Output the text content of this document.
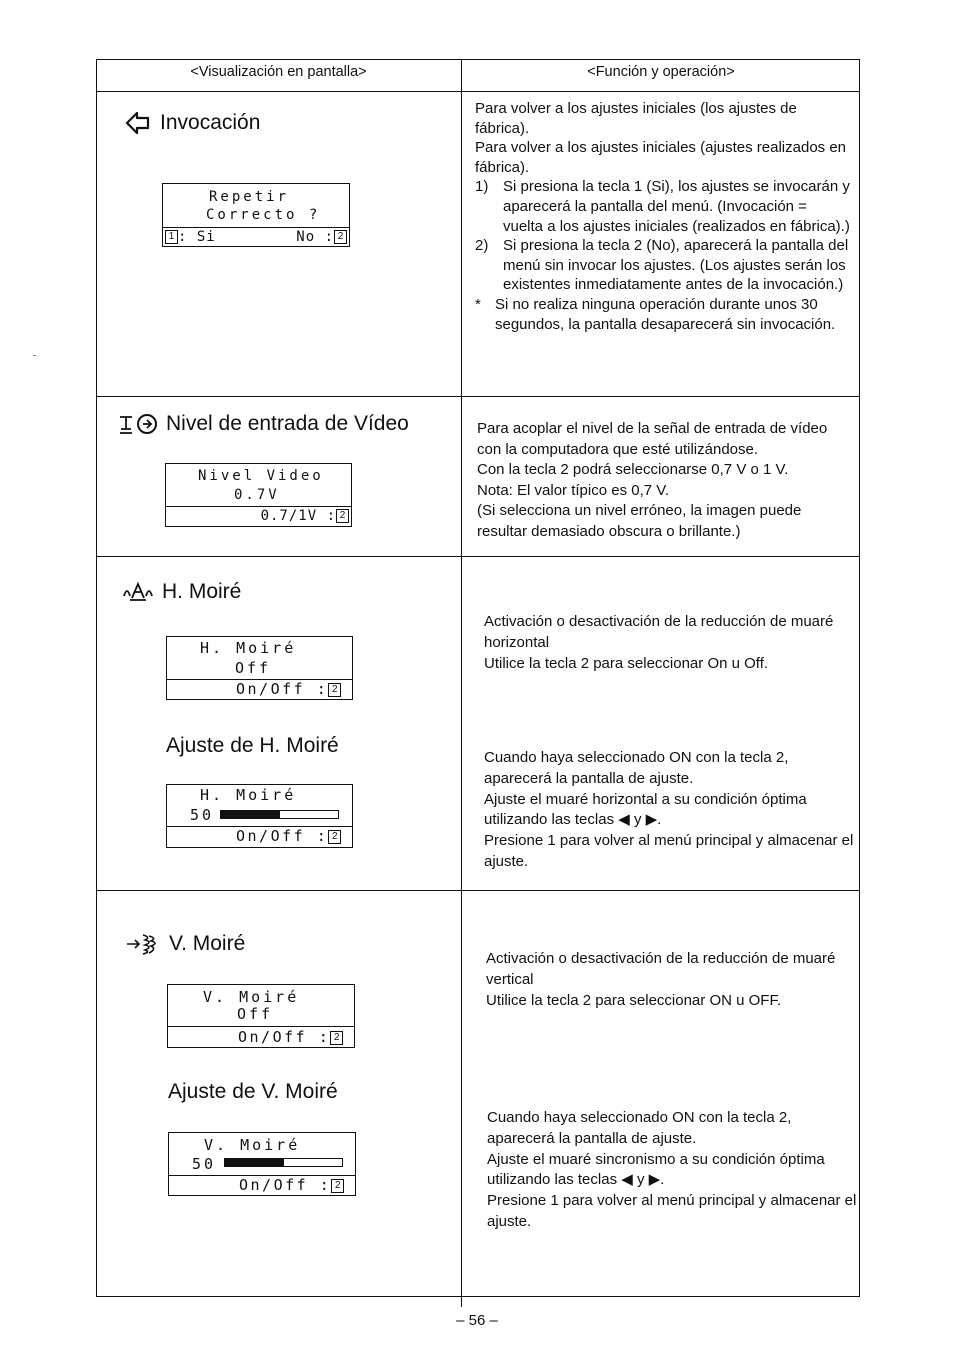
<Visualización en pantalla>	<Función y operación>
Invocación
Repetir
Correcto ?
1 : Si	No : 2

Para volver a los ajustes iniciales (los ajustes de fábrica).

Para volver a los ajustes iniciales (ajustes realizados en fábrica).

1) Si presiona la tecla 1 (Si), los ajustes se invocarán y aparecerá la pantalla del menú. (Invocación = vuelta a los ajustes iniciales (realizados en fábrica).)
2) Si presiona la tecla 2 (No), aparecerá la pantalla del menú sin invocar los ajustes. (Los ajustes serán los existentes inmediatamente antes de la invocación.)
* Si no realiza ninguna operación durante unos 30 segundos, la pantalla desaparecerá sin invocación.
Nivel de entrada de Vídeo
Nivel Video
0.7V
0.7/1V : 2

Para acoplar el nivel de la señal de entrada de vídeo con la computadora que esté utilizándose.

Con la tecla 2 podrá seleccionarse 0,7 V o 1 V.

Nota: El valor típico es 0,7 V.

(Si selecciona un nivel erróneo, la imagen puede resultar demasiado obscura o brillante.)

H. Moiré
H. Moiré
Off
On/Off : 2

Activación o desactivación de la reducción de muaré horizontal

Utilice la tecla 2 para seleccionar On u Off.

Ajuste de H. Moiré
H. Moiré
50
On/Off : 2

Cuando haya seleccionado ON con la tecla 2, aparecerá la pantalla de ajuste.

Ajuste el muaré horizontal a su condición óptima utilizando las teclas ◀ y ▶.

Presione 1 para volver al menú principal y almacenar el ajuste.

V. Moiré
V. Moiré
Off
On/Off : 2

Activación o desactivación de la reducción de muaré vertical

Utilice la tecla 2 para seleccionar ON u OFF.

Ajuste de V. Moiré
V. Moiré
50
On/Off : 2

Cuando haya seleccionado ON con la tecla 2, aparecerá la pantalla de ajuste.

Ajuste el muaré sincronismo a su condición óptima utilizando las teclas ◀ y ▶.

Presione 1 para volver al menú principal y almacenar el ajuste.

– 56 –
